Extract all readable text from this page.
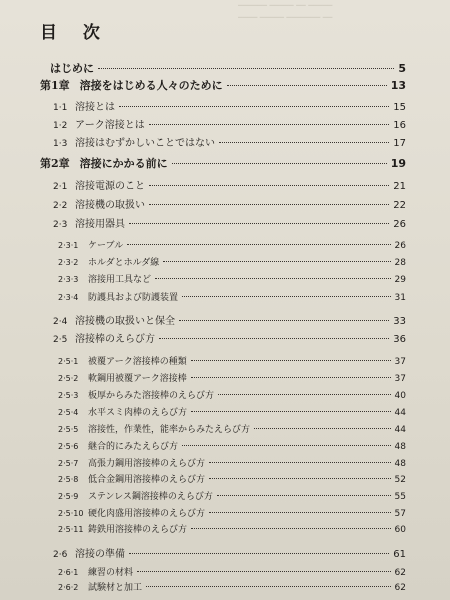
────── ───── ── ─────
──── ───── ─────── ──
目 次
はじめに	5
第1章 溶接をはじめる人々のために	13
1·1 溶接とは	15
1·2 アーク溶接とは	16
1·3 溶接はむずかしいことではない	17
第2章 溶接にかかる前に	19
2·1 溶接電源のこと	21
2·2 溶接機の取扱い	22
2·3 溶接用器具	26
2·3·1	ケーブル	26
2·3·2	ホルダとホルダ線	28
2·3·3	溶接用工具など	29
2·3·4	防護具および防護装置	31
2·4 溶接機の取扱いと保全	33
2·5 溶接棒のえらび方	36
2·5·1	被覆アーク溶接棒の種類	37
2·5·2	軟鋼用被覆アーク溶接棒	37
2·5·3	板厚からみた溶接棒のえらび方	40
2·5·4	水平スミ肉棒のえらび方	44
2·5·5	溶接性，作業性，能率からみたえらび方	44
2·5·6	継合的にみたえらび方	48
2·5·7	高張力鋼用溶接棒のえらび方	48
2·5·8	低合金鋼用溶接棒のえらび方	52
2·5·9	ステンレス鋼溶接棒のえらび方	55
2·5·10 硬化肉盛用溶接棒のえらび方	57
2·5·11 鋳鉄用溶接棒のえらび方	60
2·6 溶接の準備	61
2·6·1	練習の材料	62
2·6·2	試験材と加工	62
